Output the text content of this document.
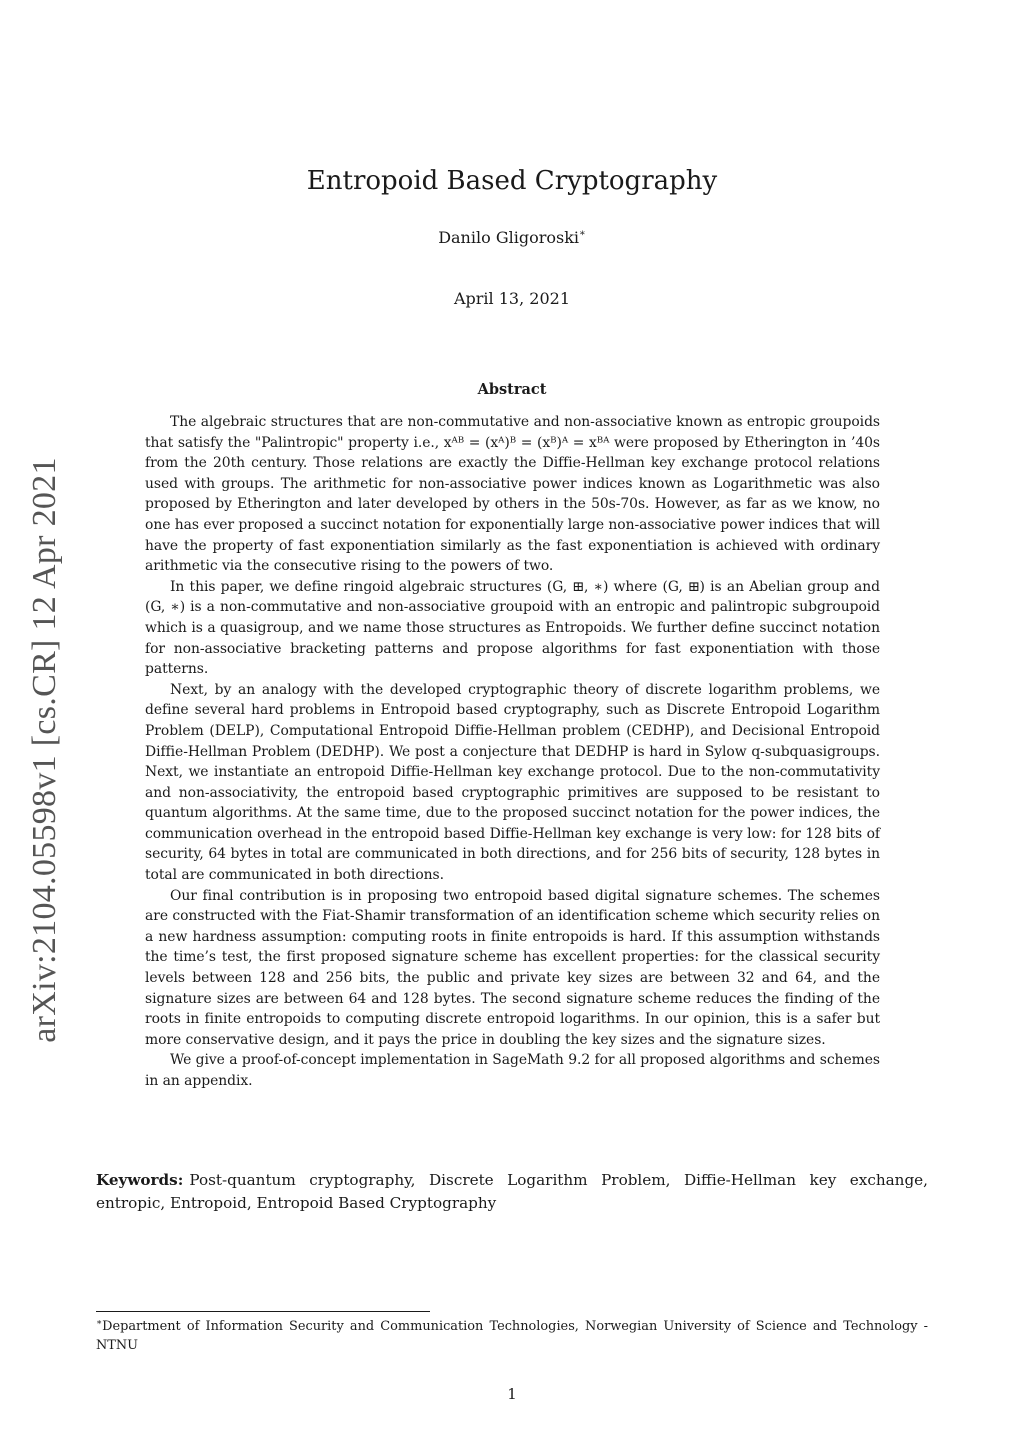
arXiv:2104.05598v1 [cs.CR] 12 Apr 2021
Entropoid Based Cryptography
Danilo Gligoroski∗
April 13, 2021
Abstract

The algebraic structures that are non-commutative and non-associative known as entropic groupoids that satisfy the "Palintropic" property i.e., xᴬᴮ = (xᴬ)ᴮ = (xᴮ)ᴬ = xᴮᴬ were proposed by Etherington in ’40s from the 20th century. Those relations are exactly the Diffie-Hellman key exchange protocol relations used with groups. The arithmetic for non-associative power indices known as Logarithmetic was also proposed by Etherington and later developed by others in the 50s-70s. However, as far as we know, no one has ever proposed a succinct notation for exponentially large non-associative power indices that will have the property of fast exponentiation similarly as the fast exponentiation is achieved with ordinary arithmetic via the consecutive rising to the powers of two.

In this paper, we define ringoid algebraic structures (G, ⊞, ∗) where (G, ⊞) is an Abelian group and (G, ∗) is a non-commutative and non-associative groupoid with an entropic and palintropic subgroupoid which is a quasigroup, and we name those structures as Entropoids. We further define succinct notation for non-associative bracketing patterns and propose algorithms for fast exponentiation with those patterns.

Next, by an analogy with the developed cryptographic theory of discrete logarithm problems, we define several hard problems in Entropoid based cryptography, such as Discrete Entropoid Logarithm Problem (DELP), Computational Entropoid Diffie-Hellman problem (CEDHP), and Decisional Entropoid Diffie-Hellman Problem (DEDHP). We post a conjecture that DEDHP is hard in Sylow q-subquasigroups. Next, we instantiate an entropoid Diffie-Hellman key exchange protocol. Due to the non-commutativity and non-associativity, the entropoid based cryptographic primitives are supposed to be resistant to quantum algorithms. At the same time, due to the proposed succinct notation for the power indices, the communication overhead in the entropoid based Diffie-Hellman key exchange is very low: for 128 bits of security, 64 bytes in total are communicated in both directions, and for 256 bits of security, 128 bytes in total are communicated in both directions.

Our final contribution is in proposing two entropoid based digital signature schemes. The schemes are constructed with the Fiat-Shamir transformation of an identification scheme which security relies on a new hardness assumption: computing roots in finite entropoids is hard. If this assumption withstands the time’s test, the first proposed signature scheme has excellent properties: for the classical security levels between 128 and 256 bits, the public and private key sizes are between 32 and 64, and the signature sizes are between 64 and 128 bytes. The second signature scheme reduces the finding of the roots in finite entropoids to computing discrete entropoid logarithms. In our opinion, this is a safer but more conservative design, and it pays the price in doubling the key sizes and the signature sizes.

We give a proof-of-concept implementation in SageMath 9.2 for all proposed algorithms and schemes in an appendix.

Keywords: Post-quantum cryptography, Discrete Logarithm Problem, Diffie-Hellman key exchange, entropic, Entropoid, Entropoid Based Cryptography
∗Department of Information Security and Communication Technologies, Norwegian University of Science and Technology - NTNU
1
